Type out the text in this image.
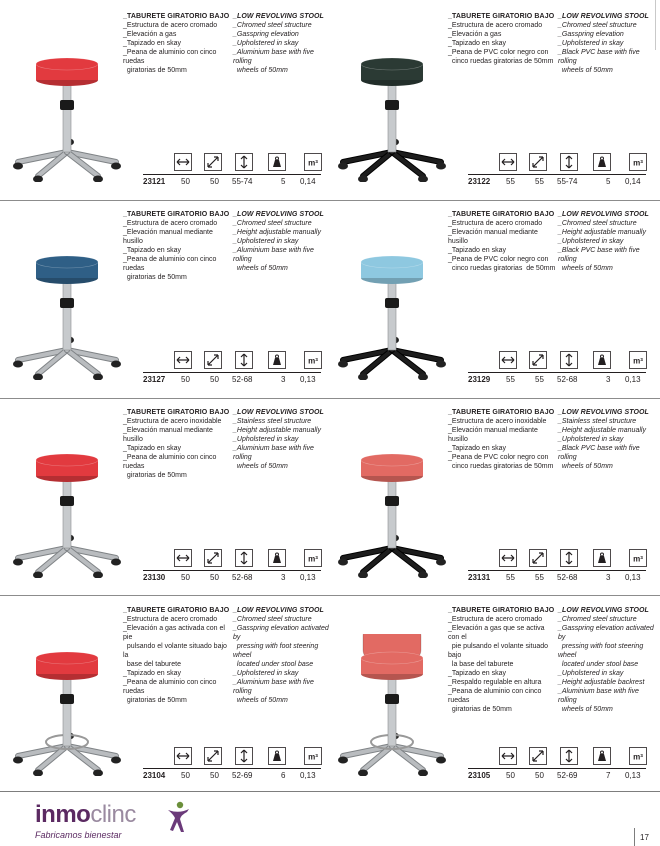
_TABURETE GIRATORIO BAJO
_Estructura de acero cromado
_Elevación a gas
_Tapizado en skay
_Peana de aluminio con cinco ruedas
giratorias de 50mm
_LOW REVOLVING STOOL
_Chromed steel structure
_Gasspring elevation
_Upholstered in skay
_Aluminium base with five rolling
wheels of 50mm
m³
23121 50	50 55-74	5 0,14
_TABURETE GIRATORIO BAJO
_Estructura de acero cromado
_Elevación a gas
_Tapizado en skay
_Peana de PVC color negro con
cinco ruedas giratorias de 50mm
_LOW REVOLVING STOOL
_Chromed steel structure
_Gasspring elevation
_Upholstered in skay
_Black PVC base with five rolling
wheels of 50mm
m³
23122 55	55 55-74	5 0,14
_TABURETE GIRATORIO BAJO
_Estructura de acero cromado
_Elevación manual mediante husillo
_Tapizado en skay
_Peana de aluminio con cinco ruedas
giratorias de 50mm
_LOW REVOLVING STOOL
_Chromed steel structure
_Height adjustable manually
_Upholstered in skay
_Aluminium base with five rolling
wheels of 50mm
m³
23127 50	50 52-68	3 0,13
_TABURETE GIRATORIO BAJO
_Estructura de acero cromado
_Elevación manual mediante husillo
_Tapizado en skay
_Peana de PVC color negro con
cinco ruedas giratorias  de 50mm
_LOW REVOLVING STOOL
_Chromed steel structure
_Height adjustable manually
_Upholstered in skay
_Black PVC base with five rolling
wheels of 50mm
m³
23129 55	55 52-68	3 0,13
_TABURETE GIRATORIO BAJO
_Estructura de acero inoxidable
_Elevación manual mediante husillo
_Tapizado en skay
_Peana de aluminio con cinco ruedas
giratorias de 50mm
_LOW REVOLVING STOOL
_Stainless steel structure
_Height adjustable manually
_Upholstered in skay
_Aluminium base with five rolling
wheels of 50mm
m³
23130 50	50 52-68	3 0,13
_TABURETE GIRATORIO BAJO
_Estructura de acero inoxidable
_Elevación manual mediante husillo
_Tapizado en skay
_Peana de PVC color negro con
cinco ruedas giratorias de 50mm
_LOW REVOLVING STOOL
_Stainless steel structure
_Height adjustable manually
_Upholstered in skay
_Black PVC base with five rolling
wheels of 50mm
m³
23131 55	55 52-68	3 0,13
_TABURETE GIRATORIO BAJO
_Estructura de acero cromado
_Elevación a gas activada con el pie
pulsando el volante situado bajo la
base del taburete
_Tapizado en skay
_Peana de aluminio con cinco ruedas
giratorias de 50mm
_LOW REVOLVING STOOL
_Chromed steel structure
_Gasspring elevation activated by
pressing with foot steering wheel
located under stool base
_Upholstered in skay
_Aluminium base with five rolling
wheels of 50mm
m³
23104 50	50 52-69	6 0,13
_TABURETE GIRATORIO BAJO
_Estructura de acero cromado
_Elevación a gas que se activa con el
pie pulsando el volante situado bajo
la base del taburete
_Tapizado en skay
_Respaldo regulable en altura
_Peana de aluminio con cinco ruedas
giratorias de 50mm
_LOW REVOLVING STOOL
_Chromed steel structure
_Gasspring elevation activated by
pressing with foot steering wheel
located under stool base
_Upholstered in skay
_Height adjustable backrest
_Aluminium base with five rolling
wheels of 50mm
m³
23105 50	50 52-69	7 0,13
inmoclinc
Fabricamos bienestar	17
